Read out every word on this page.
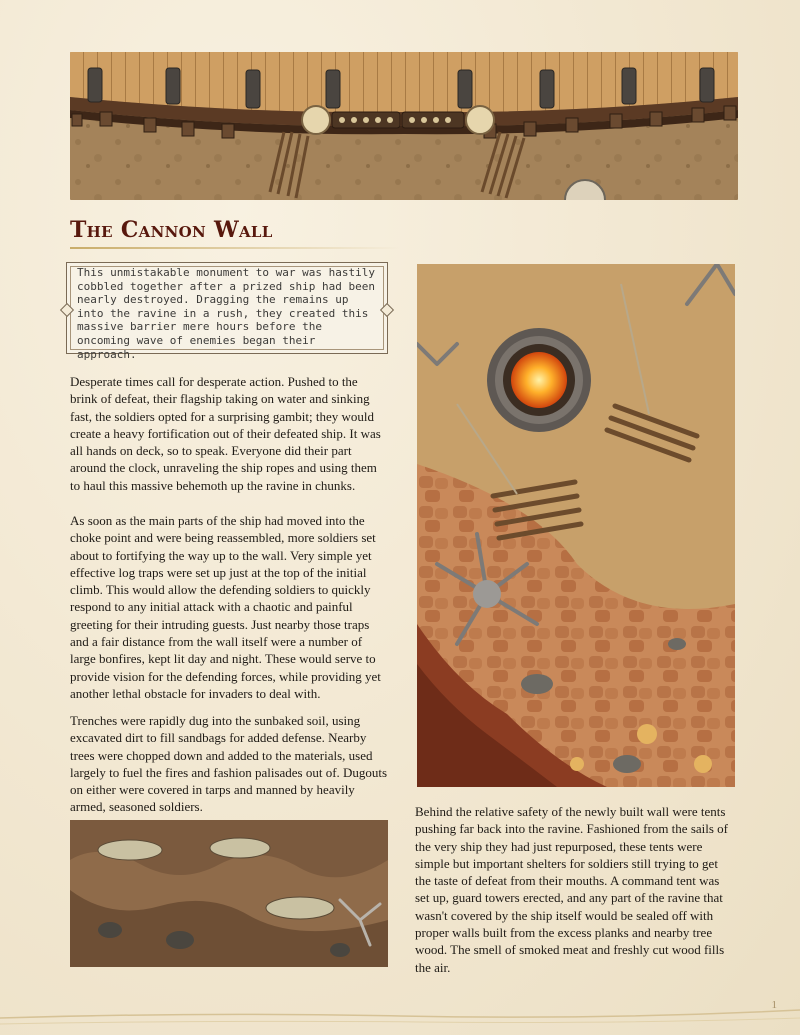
The Cannon Wall
This unmistakable monument to war was hastily cobbled together after a prized ship had been nearly destroyed. Dragging the remains up into the ravine in a rush, they created this massive barrier mere hours before the oncoming wave of enemies began their approach.

Desperate times call for desperate action. Pushed to the brink of defeat, their flagship taking on water and sinking fast, the soldiers opted for a surprising gambit; they would create a heavy fortification out of their defeated ship. It was all hands on deck, so to speak. Everyone did their part around the clock, unraveling the ship ropes and using them to haul this massive behemoth up the ravine in chunks.

As soon as the main parts of the ship had moved into the choke point and were being reassembled, more soldiers set about to fortifying the way up to the wall. Very simple yet effective log traps were set up just at the top of the initial climb. This would allow the defending soldiers to quickly respond to any initial attack with a chaotic and painful greeting for their intruding guests. Just nearby those traps and a fair distance from the wall itself were a number of large bonfires, kept lit day and night. These would serve to provide vision for the defending forces, while providing yet another lethal obstacle for invaders to deal with.

Trenches were rapidly dug into the sunbaked soil, using excavated dirt to fill sandbags for added defense. Nearby trees were chopped down and added to the materials, used largely to fuel the fires and fashion palisades out of. Dugouts on either were covered in tarps and manned by heavily armed, seasoned soldiers.	Behind the relative safety of the newly built wall were tents pushing far back into the ravine. Fashioned from the sails of the very ship they had just repurposed, these tents were simple but important shelters for soldiers still trying to get the taste of defeat from their mouths. A command tent was set up, guard towers erected, and any part of the ravine that wasn't covered by the ship itself would be sealed off with proper walls built from the excess planks and nearby tree wood. The smell of smoked meat and freshly cut wood fills the air.

1
